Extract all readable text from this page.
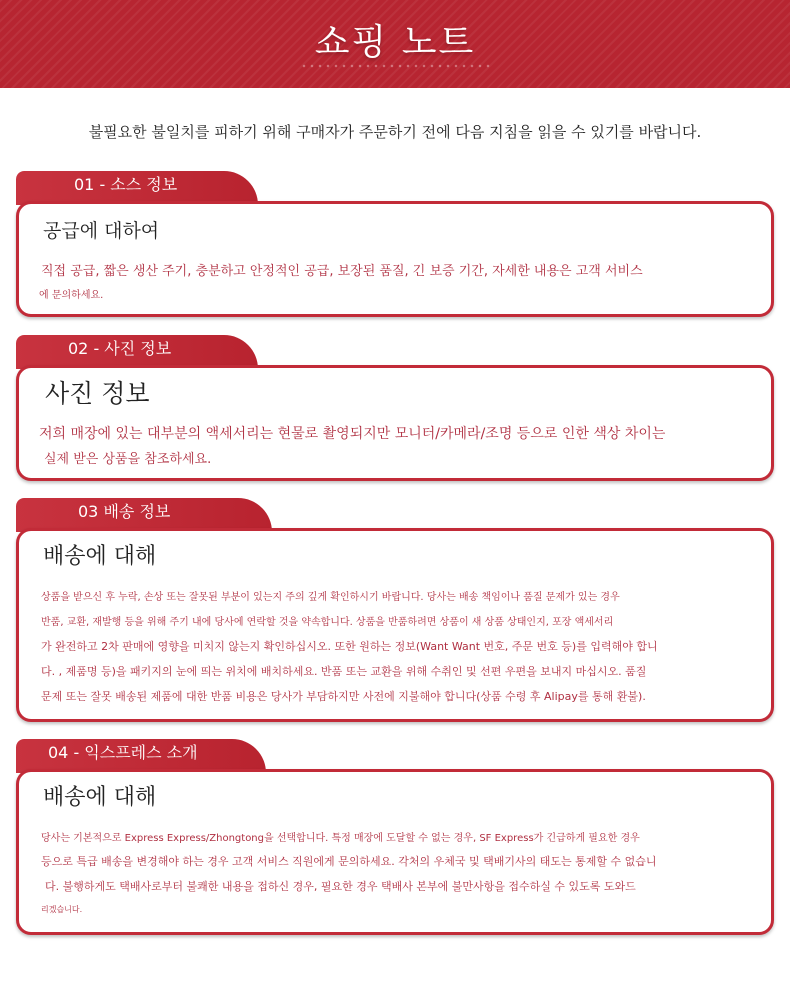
쇼핑 노트
불필요한 불일치를 피하기 위해 구매자가 주문하기 전에 다음 지침을 읽을 수 있기를 바랍니다.
01 - 소스 정보
공급에 대하여
직접 공급, 짧은 생산 주기, 충분하고 안정적인 공급, 보장된 품질, 긴 보증 기간, 자세한 내용은 고객 서비스
에 문의하세요.
02 - 사진 정보
사진 정보
저희 매장에 있는 대부분의 액세서리는 현물로 촬영되지만 모니터/카메라/조명 등으로 인한 색상 차이는
실제 받은 상품을 참조하세요.
03 배송 정보
배송에 대해
상품을 받으신 후 누락, 손상 또는 잘못된 부분이 있는지 주의 깊게 확인하시기 바랍니다. 당사는 배송 책임이나 품질 문제가 있는 경우
반품, 교환, 재발행 등을 위해 주기 내에 당사에 연락할 것을 약속합니다. 상품을 반품하려면 상품이 새 상품 상태인지, 포장 액세서리
가 완전하고 2차 판매에 영향을 미치지 않는지 확인하십시오. 또한 원하는 정보(Want Want 번호, 주문 번호 등)를 입력해야 합니
다. , 제품명 등)을 패키지의 눈에 띄는 위치에 배치하세요. 반품 또는 교환을 위해 수취인 및 선편 우편을 보내지 마십시오. 품질
문제 또는 잘못 배송된 제품에 대한 반품 비용은 당사가 부담하지만 사전에 지불해야 합니다(상품 수령 후 Alipay를 통해 환불).
04 - 익스프레스 소개
배송에 대해
당사는 기본적으로 Express Express/Zhongtong을 선택합니다. 특정 매장에 도달할 수 없는 경우, SF Express가 긴급하게 필요한 경우
등으로 특급 배송을 변경해야 하는 경우 고객 서비스 직원에게 문의하세요. 각처의 우체국 및 택배기사의 태도는 통제할 수 없습니
다. 불행하게도 택배사로부터 불쾌한 내용을 접하신 경우, 필요한 경우 택배사 본부에 불만사항을 접수하실 수 있도록 도와드
리겠습니다.
